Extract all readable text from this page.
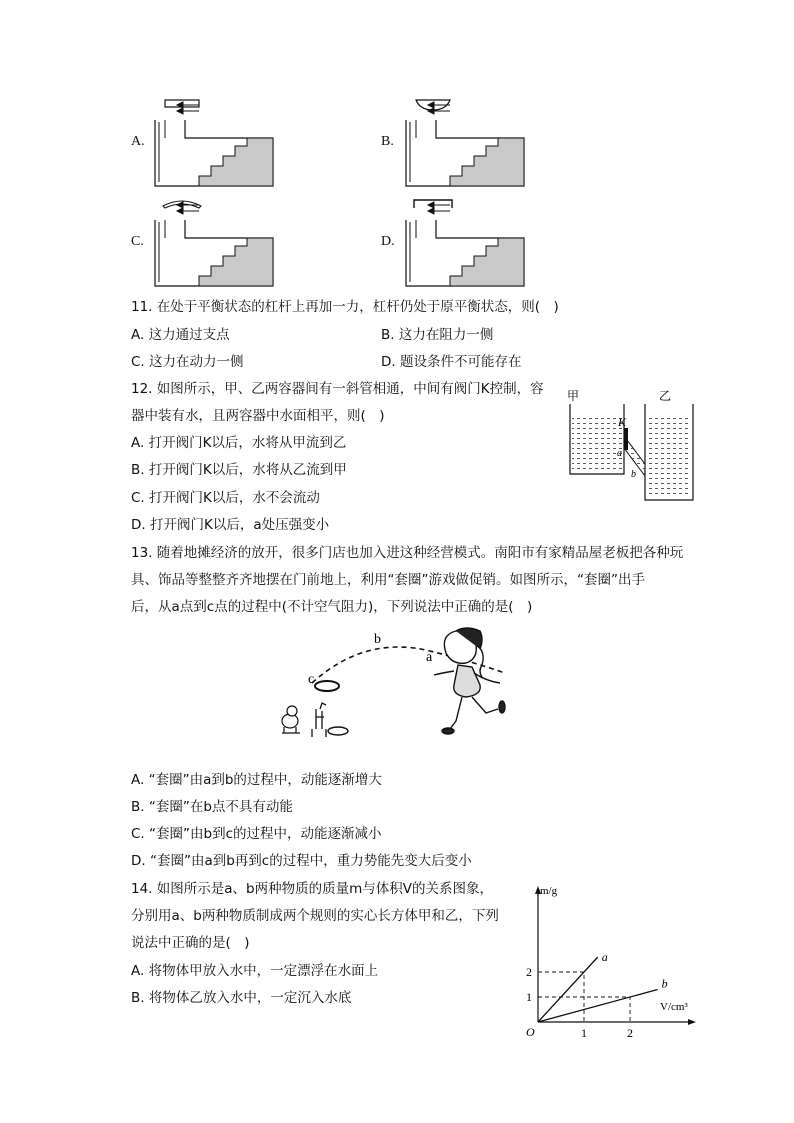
A.	B.
C.	D.
11. 在处于平衡状态的杠杆上再加一力，杠杆仍处于原平衡状态，则(　)
A. 这力通过支点	B. 这力在阻力一侧
C. 这力在动力一侧	D. 题设条件不可能存在
12. 如图所示，甲、乙两容器间有一斜管相通，中间有阀门K控制，容
器中装有水，且两容器中水面相平，则(　)
A. 打开阀门K以后，水将从甲流到乙
B. 打开阀门K以后，水将从乙流到甲
C. 打开阀门K以后，水不会流动
D. 打开阀门K以后，a处压强变小
甲	乙
K
a
b
13. 随着地摊经济的放开，很多门店也加入进这种经营模式。南阳市有家精品屋老板把各种玩
具、饰品等整整齐齐地摆在门前地上，利用“套圈”游戏做促销。如图所示，“套圈”出手
后，从a点到c点的过程中(不计空气阻力)，下列说法中正确的是(　)
c
b
a
A. “套圈”由a到b的过程中，动能逐渐增大
B. “套圈”在b点不具有动能
C. “套圈”由b到c的过程中，动能逐渐减小
D. “套圈”由a到b再到c的过程中，重力势能先变大后变小
14. 如图所示是a、b两种物质的质量m与体积V的关系图象，
分别用a、b两种物质制成两个规则的实心长方体甲和乙，下列
说法中正确的是(　)
A. 将物体甲放入水中，一定漂浮在水面上
B. 将物体乙放入水中，一定沉入水底
a
b
1	2
1
2
m/g
V/cm³
O
